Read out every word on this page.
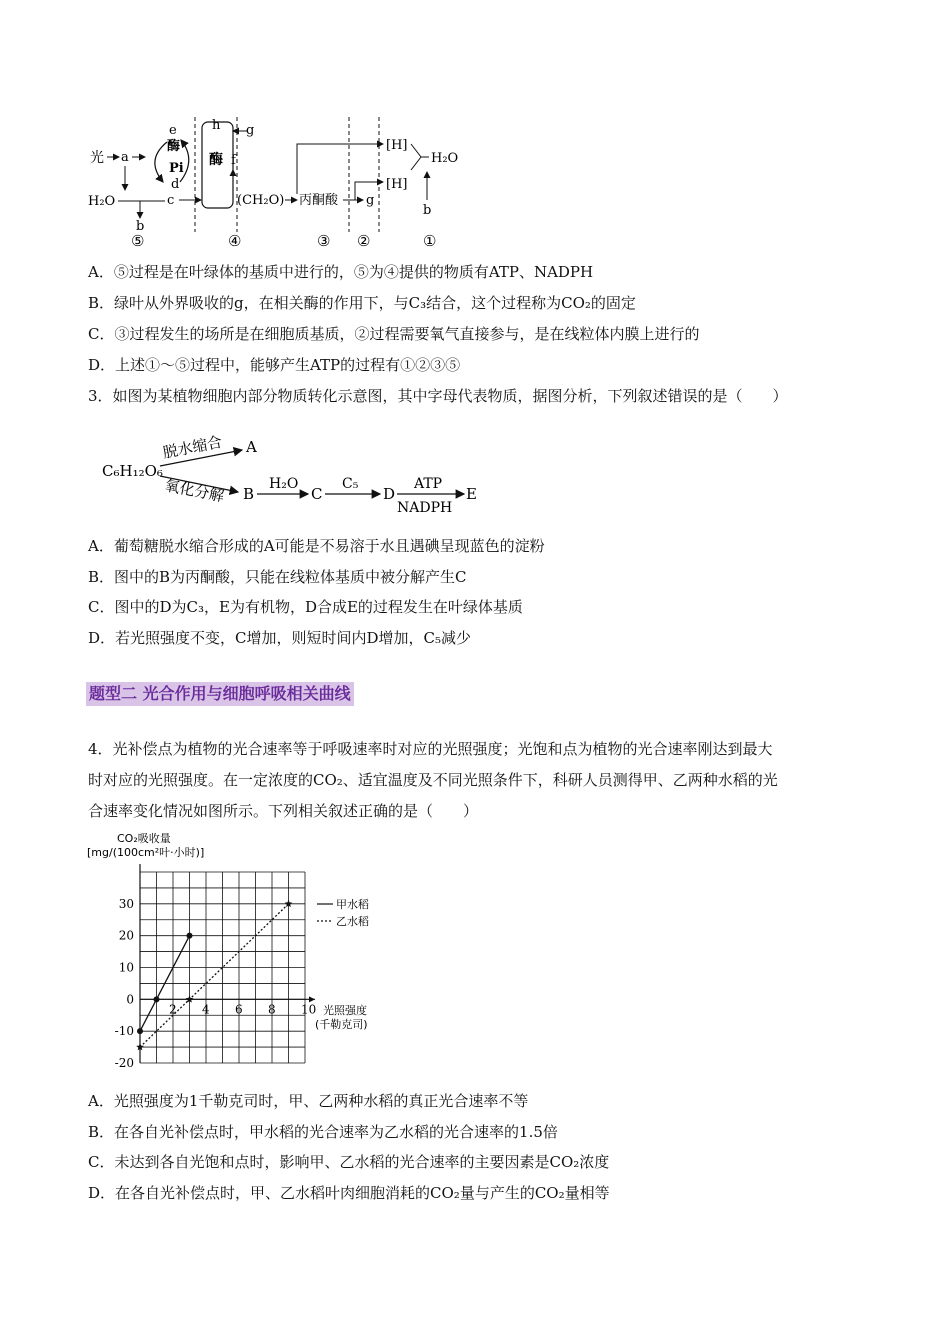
光 a
e
酶
Pi
d
H₂O
b
c
h g
酶 f
(CH₂O) 丙酮酸 g
[H]
[H]
H₂O
b
⑤	④	③ ②	①
A．⑤过程是在叶绿体的基质中进行的，⑤为④提供的物质有ATP、NADPH
B．绿叶从外界吸收的g，在相关酶的作用下，与C₃结合，这个过程称为CO₂的固定
C．③过程发生的场所是在细胞质基质，②过程需要氧气直接参与，是在线粒体内膜上进行的
D．上述①～⑤过程中，能够产生ATP的过程有①②③⑤
3．如图为某植物细胞内部分物质转化示意图，其中字母代表物质，据图分析，下列叙述错误的是（　　）
C₆H₁₂O₆
脱水缩合 A
氧化分解 B
H₂O
C
C₅
D
ATP
NADPH
E
A．葡萄糖脱水缩合形成的A可能是不易溶于水且遇碘呈现蓝色的淀粉
B．图中的B为丙酮酸，只能在线粒体基质中被分解产生C
C．图中的D为C₃，E为有机物，D合成E的过程发生在叶绿体基质
D．若光照强度不变，C增加，则短时间内D增加，C₅减少
题型二 光合作用与细胞呼吸相关曲线
4．光补偿点为植物的光合速率等于呼吸速率时对应的光照强度；光饱和点为植物的光合速率刚达到最大
时对应的光照强度。在一定浓度的CO₂、适宜温度及不同光照条件下，科研人员测得甲、乙两种水稻的光
合速率变化情况如图所示。下列相关叙述正确的是（　　）
2 4 6 8 10
30
20
10
0
-10
-20
CO₂吸收量
[mg/(100cm²叶·小时)]
光照强度
(千勒克司)
甲水稻
乙水稻
A．光照强度为1千勒克司时，甲、乙两种水稻的真正光合速率不等
B．在各自光补偿点时，甲水稻的光合速率为乙水稻的光合速率的1.5倍
C．未达到各自光饱和点时，影响甲、乙水稻的光合速率的主要因素是CO₂浓度
D．在各自光补偿点时，甲、乙水稻叶肉细胞消耗的CO₂量与产生的CO₂量相等
